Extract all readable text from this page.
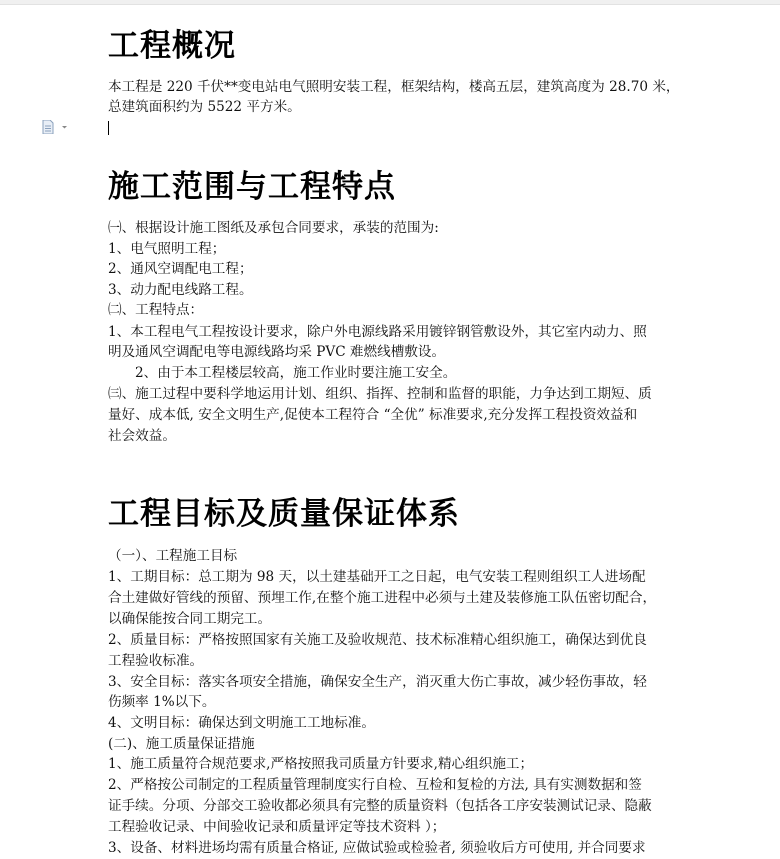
工程概况
本工程是 220 千伏**变电站电气照明安装工程，框架结构，楼高五层，建筑高度为 28.70 米，
总建筑面积约为 5522 平方米。
施工范围与工程特点
㈠、根据设计施工图纸及承包合同要求，承装的范围为:
1、电气照明工程；
2、通风空调配电工程；
3、动力配电线路工程。
㈡、工程特点：
1、本工程电气工程按设计要求，除户外电源线路采用镀锌钢管敷设外，其它室内动力、照
明及通风空调配电等电源线路均采 PVC 难燃线槽敷设。
2、由于本工程楼层较高，施工作业时要注施工安全。
㈢、施工过程中要科学地运用计划、组织、指挥、控制和监督的职能，力争达到工期短、质
量好、成本低, 安全文明生产,促使本工程符合 “全优” 标准要求,充分发挥工程投资效益和
社会效益。
工程目标及质量保证体系
（一）、工程施工目标
1、工期目标：总工期为 98 天，以土建基础开工之日起，电气安装工程则组织工人进场配
合土建做好管线的预留、预埋工作,在整个施工进程中必须与土建及装修施工队伍密切配合，
以确保能按合同工期完工。
2、质量目标：严格按照国家有关施工及验收规范、技术标准精心组织施工，确保达到优良
工程验收标准。
3、安全目标：落实各项安全措施，确保安全生产，消灭重大伤亡事故，减少轻伤事故，轻
伤频率 1%以下。
4、文明目标：确保达到文明施工工地标准。
(二)、施工质量保证措施
1、施工质量符合规范要求,严格按照我司质量方针要求,精心组织施工；
2、严格按公司制定的工程质量管理制度实行自检、互检和复检的方法, 具有实测数据和签
证手续。分项、分部交工验收都必须具有完整的质量资料（包括各工序安装测试记录、隐蔽
工程验收记录、中间验收记录和质量评定等技术资料 ）；
3、设备、材料进场均需有质量合格证, 应做试验或检验者, 须验收后方可使用, 并合同要求
